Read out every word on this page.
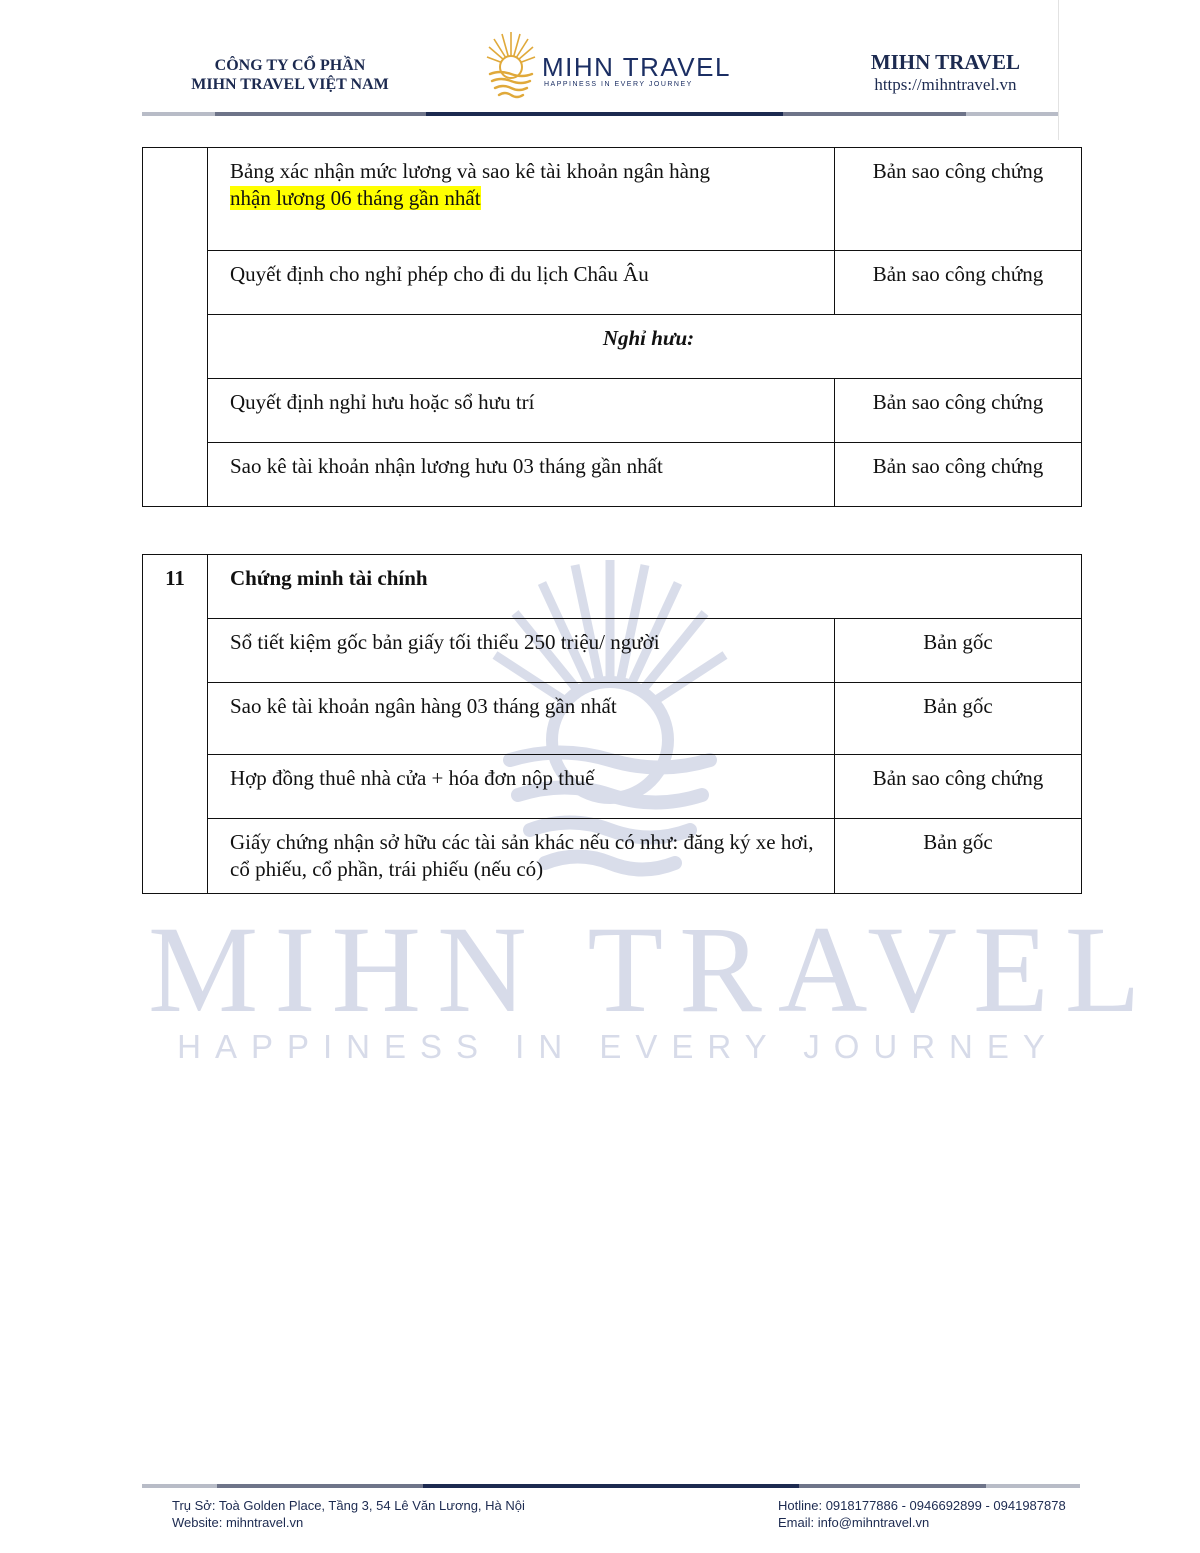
CÔNG TY CỔ PHẦN
MIHN TRAVEL VIỆT NAM
MIHN TRAVEL
HAPPINESS IN EVERY JOURNEY
MIHN TRAVEL
https://mihntravel.vn
MIHN TRAVEL
HAPPINESS IN EVERY JOURNEY
	Bảng xác nhận mức lương và sao kê tài khoản ngân hàng
nhận lương 06 tháng gần nhất	Bản sao công chứng
	Quyết định cho nghỉ phép cho đi du lịch Châu Âu	Bản sao công chứng
	Nghỉ hưu:	
	Quyết định nghỉ hưu hoặc sổ hưu trí	Bản sao công chứng
	Sao kê tài khoản nhận lương hưu 03 tháng gần nhất	Bản sao công chứng
11	Chứng minh tài chính	
	Sổ tiết kiệm gốc bản giấy tối thiểu 250 triệu/ người	Bản gốc
	Sao kê tài khoản ngân hàng 03 tháng gần nhất	Bản gốc
	Hợp đồng thuê nhà cửa + hóa đơn nộp thuế	Bản sao công chứng
	Giấy chứng nhận sở hữu các tài sản khác nếu có như: đăng ký xe hơi, cổ phiếu, cổ phần, trái phiếu (nếu có)	Bản gốc
Trụ Sở: Toà Golden Place, Tầng 3, 54 Lê Văn Lương, Hà Nội
Website: mihntravel.vn
Hotline: 0918177886 - 0946692899 - 0941987878
Email: info@mihntravel.vn
